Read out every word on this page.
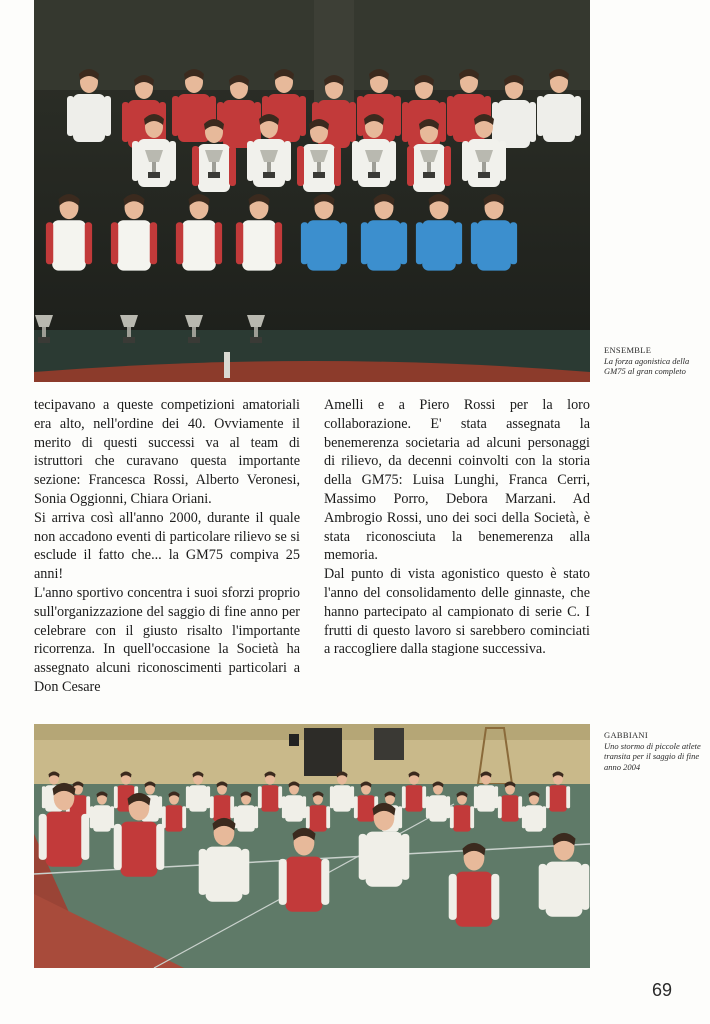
ENSEMBLE
La forza agonistica della GM75 al gran completo

tecipavano a queste competizioni amatoriali era alto, nell'ordine dei 40. Ovviamente il merito di questi successi va al team di istruttori che curavano questa importante sezione: Francesca Rossi, Alberto Veronesi, Sonia Oggionni, Chiara Oriani.

Si arriva così all'anno 2000, durante il quale non accadono eventi di particolare rilievo se si esclude il fatto che... la GM75 compiva 25 anni!

L'anno sportivo concentra i suoi sforzi proprio sull'organizzazione del saggio di fine anno per celebrare con il giusto risalto l'importante ricorrenza. In quell'occasione la Società ha assegnato alcuni riconoscimenti particolari a Don Cesare

Amelli e a Piero Rossi per la loro collaborazione. E' stata assegnata la benemerenza societaria ad alcuni personaggi di rilievo, da decenni coinvolti con la storia della GM75: Luisa Lunghi, Franca Cerri, Massimo Porro, Debora Marzani. Ad Ambrogio Rossi, uno dei soci della Società, è stata riconosciuta la benemerenza alla memoria.

Dal punto di vista agonistico questo è stato l'anno del consolidamento delle ginnaste, che hanno partecipato al campionato di serie C. I frutti di questo lavoro si sarebbero cominciati a raccogliere dalla stagione successiva.

GABBIANI
Uno stormo di piccole atlete transita per il saggio di fine anno 2004
69
